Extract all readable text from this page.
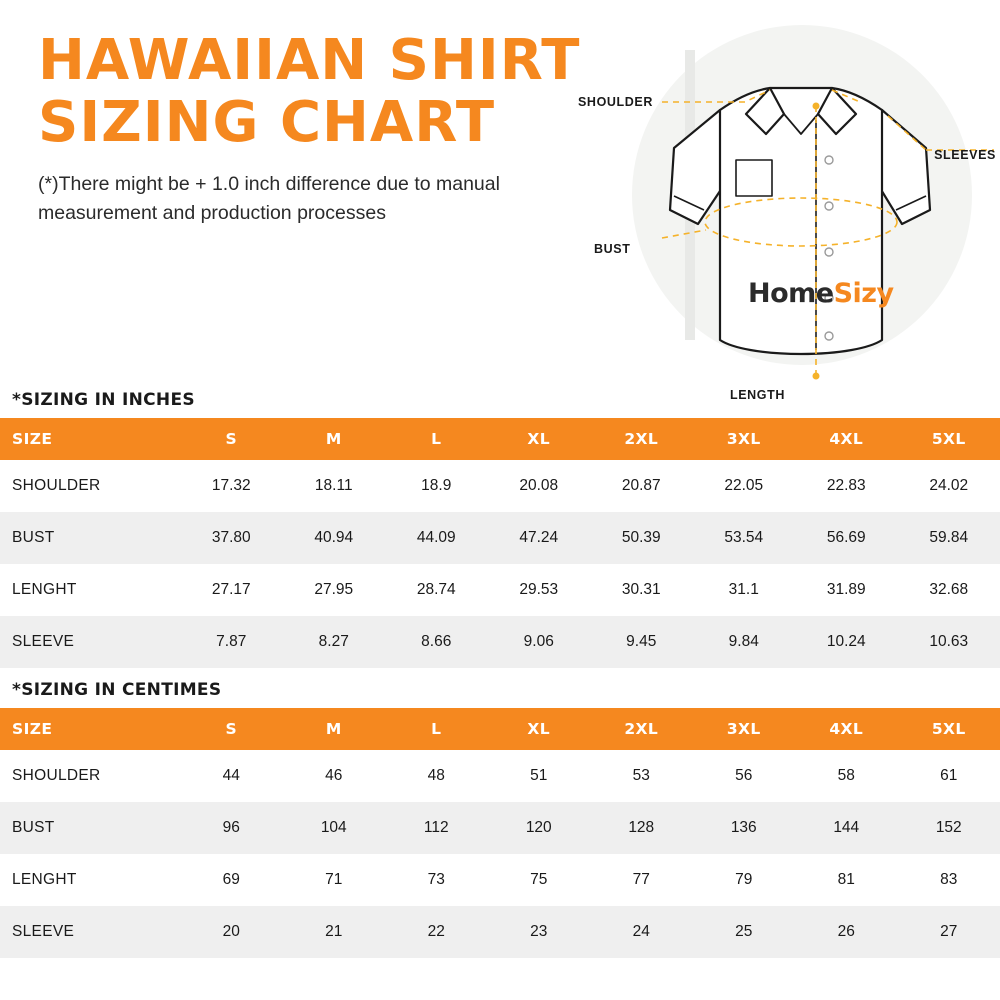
HAWAIIAN SHIRT
SIZING CHART
(*)There might be + 1.0 inch difference due to manual measurement and production processes
SHOULDER
SLEEVES
BUST
LENGTH
HomeSizy
*SIZING IN INCHES
SIZE	S	M	L	XL	2XL	3XL	4XL	5XL
SHOULDER	17.32	18.11	18.9	20.08	20.87	22.05	22.83	24.02
BUST	37.80	40.94	44.09	47.24	50.39	53.54	56.69	59.84
LENGHT	27.17	27.95	28.74	29.53	30.31	31.1	31.89	32.68
SLEEVE	7.87	8.27	8.66	9.06	9.45	9.84	10.24	10.63
*SIZING IN CENTIMES
SIZE	S	M	L	XL	2XL	3XL	4XL	5XL
SHOULDER	44	46	48	51	53	56	58	61
BUST	96	104	112	120	128	136	144	152
LENGHT	69	71	73	75	77	79	81	83
SLEEVE	20	21	22	23	24	25	26	27
